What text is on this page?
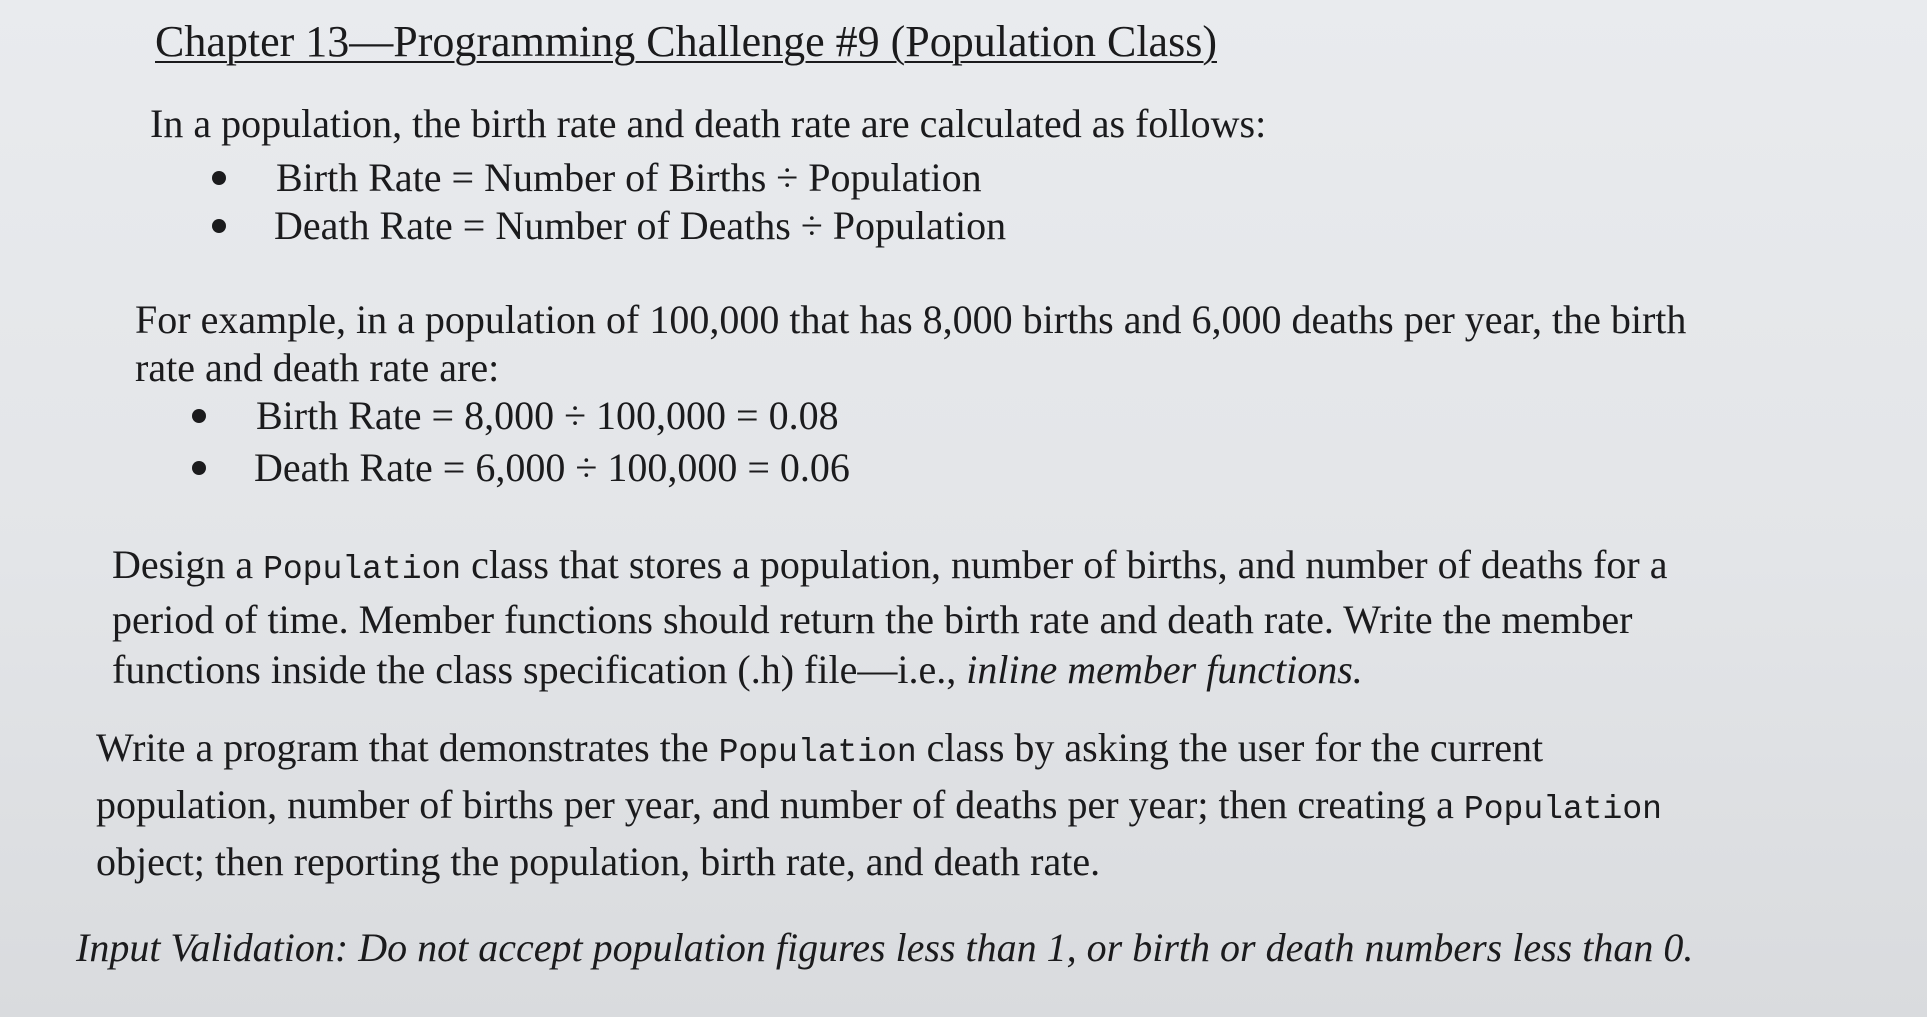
Chapter 13—Programming Challenge #9 (Population Class)

In a population, the birth rate and death rate are calculated as follows:

Birth Rate = Number of Births ÷ Population
Death Rate = Number of Deaths ÷ Population

For example, in a population of 100,000 that has 8,000 births and 6,000 deaths per year, the birth
rate and death rate are:

Birth Rate = 8,000 ÷ 100,000 = 0.08
Death Rate = 6,000 ÷ 100,000 = 0.06

Design a Population class that stores a population, number of births, and number of deaths for a
period of time. Member functions should return the birth rate and death rate. Write the member
functions inside the class specification (.h) file—i.e., inline member functions.

Write a program that demonstrates the Population class by asking the user for the current
population, number of births per year, and number of deaths per year; then creating a Population
object; then reporting the population, birth rate, and death rate.

Input Validation: Do not accept population figures less than 1, or birth or death numbers less than 0.
